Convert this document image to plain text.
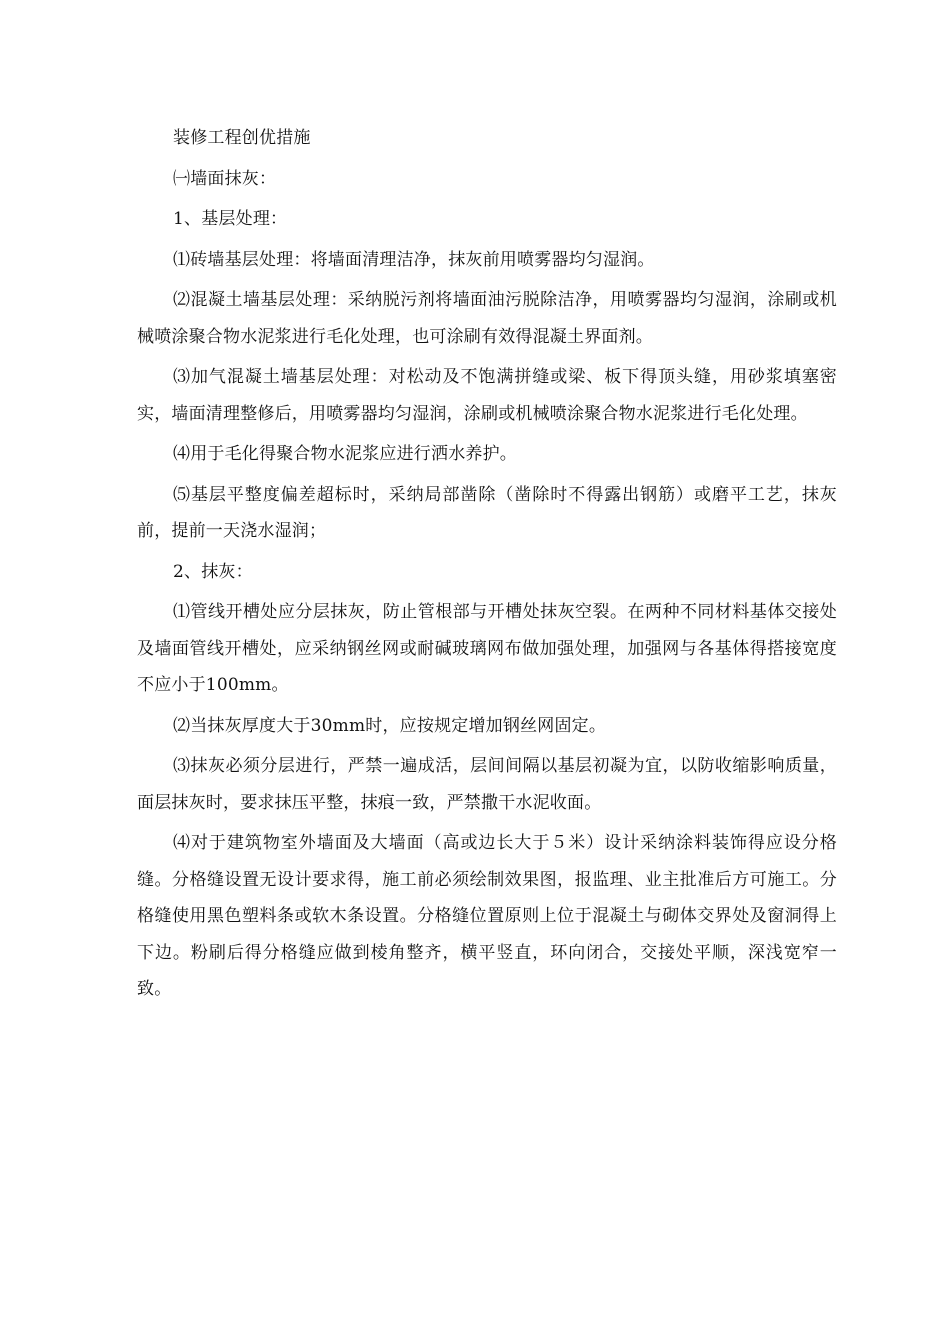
装修工程创优措施

㈠墙面抹灰：

1、基层处理：

⑴砖墙基层处理：将墙面清理洁净，抹灰前用喷雾器均匀湿润。

⑵混凝土墙基层处理：采纳脱污剂将墙面油污脱除洁净，用喷雾器均匀湿润，涂刷或机械喷涂聚合物水泥浆进行毛化处理，也可涂刷有效得混凝土界面剂。

⑶加气混凝土墙基层处理：对松动及不饱满拼缝或梁、板下得顶头缝，用砂浆填塞密实，墙面清理整修后，用喷雾器均匀湿润，涂刷或机械喷涂聚合物水泥浆进行毛化处理。

⑷用于毛化得聚合物水泥浆应进行洒水养护。

⑸基层平整度偏差超标时，采纳局部凿除（凿除时不得露出钢筋）或磨平工艺，抹灰前，提前一天浇水湿润；

2、抹灰：

⑴管线开槽处应分层抹灰，防止管根部与开槽处抹灰空裂。在两种不同材料基体交接处及墙面管线开槽处，应采纳钢丝网或耐碱玻璃网布做加强处理，加强网与各基体得搭接宽度不应小于100mm。

⑵当抹灰厚度大于30mm时，应按规定增加钢丝网固定。

⑶抹灰必须分层进行，严禁一遍成活，层间间隔以基层初凝为宜，以防收缩影响质量，面层抹灰时，要求抹压平整，抹痕一致，严禁撒干水泥收面。

⑷对于建筑物室外墙面及大墙面（高或边长大于５米）设计采纳涂料装饰得应设分格缝。分格缝设置无设计要求得，施工前必须绘制效果图，报监理、业主批准后方可施工。分格缝使用黑色塑料条或软木条设置。分格缝位置原则上位于混凝土与砌体交界处及窗洞得上下边。粉刷后得分格缝应做到棱角整齐，横平竖直，环向闭合，交接处平顺，深浅宽窄一致。
